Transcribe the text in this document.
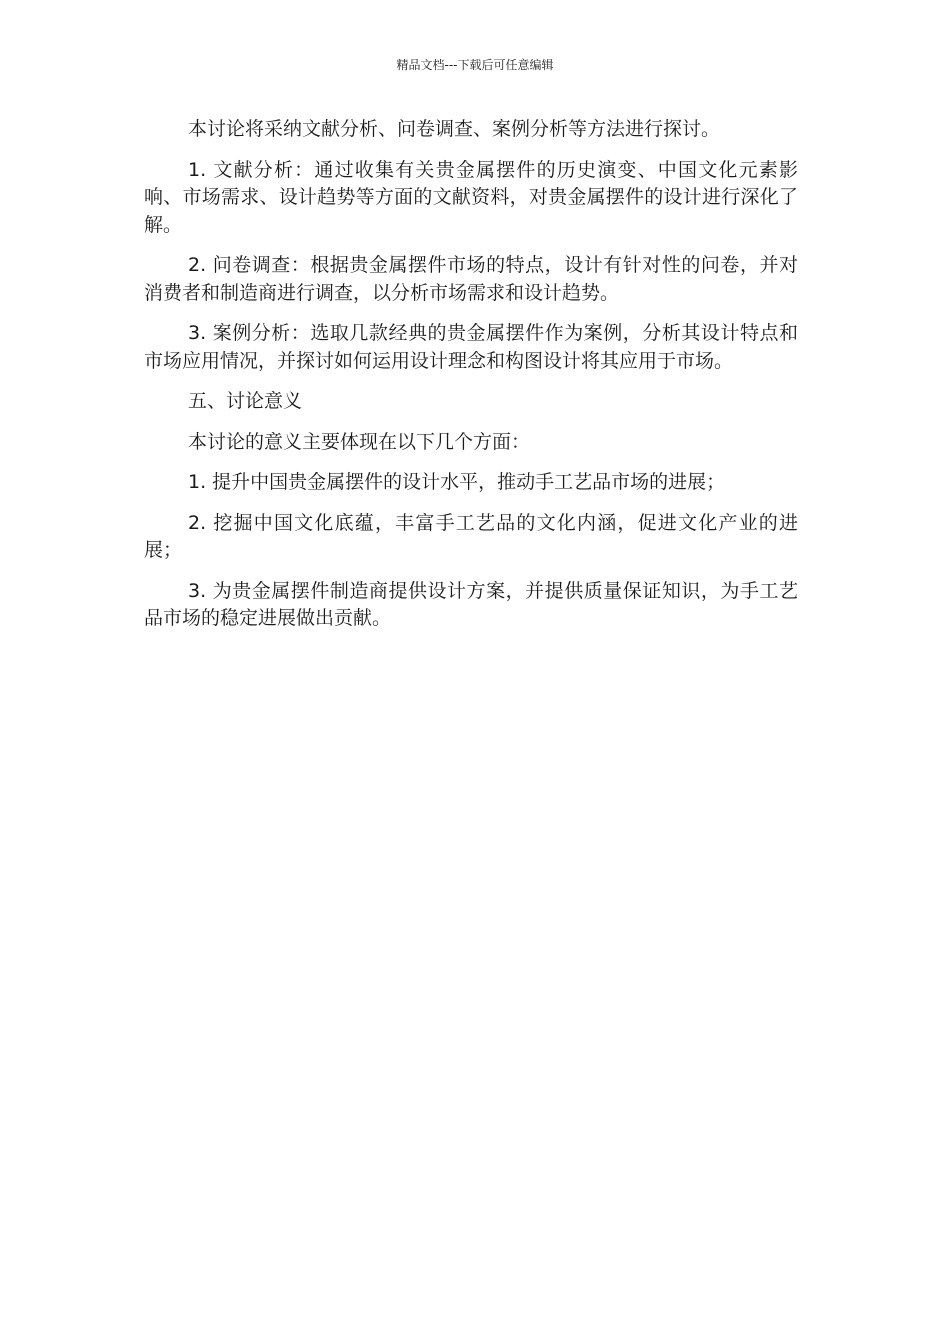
精品文档---下载后可任意编辑

本讨论将采纳文献分析、问卷调查、案例分析等方法进行探讨。

1. 文献分析：通过收集有关贵金属摆件的历史演变、中国文化元素影响、市场需求、设计趋势等方面的文献资料，对贵金属摆件的设计进行深化了解。

2. 问卷调查：根据贵金属摆件市场的特点，设计有针对性的问卷，并对消费者和制造商进行调查，以分析市场需求和设计趋势。

3. 案例分析：选取几款经典的贵金属摆件作为案例，分析其设计特点和市场应用情况，并探讨如何运用设计理念和构图设计将其应用于市场。

五、讨论意义

本讨论的意义主要体现在以下几个方面：

1. 提升中国贵金属摆件的设计水平，推动手工艺品市场的进展；

2. 挖掘中国文化底蕴，丰富手工艺品的文化内涵，促进文化产业的进展；

3. 为贵金属摆件制造商提供设计方案，并提供质量保证知识，为手工艺品市场的稳定进展做出贡献。
